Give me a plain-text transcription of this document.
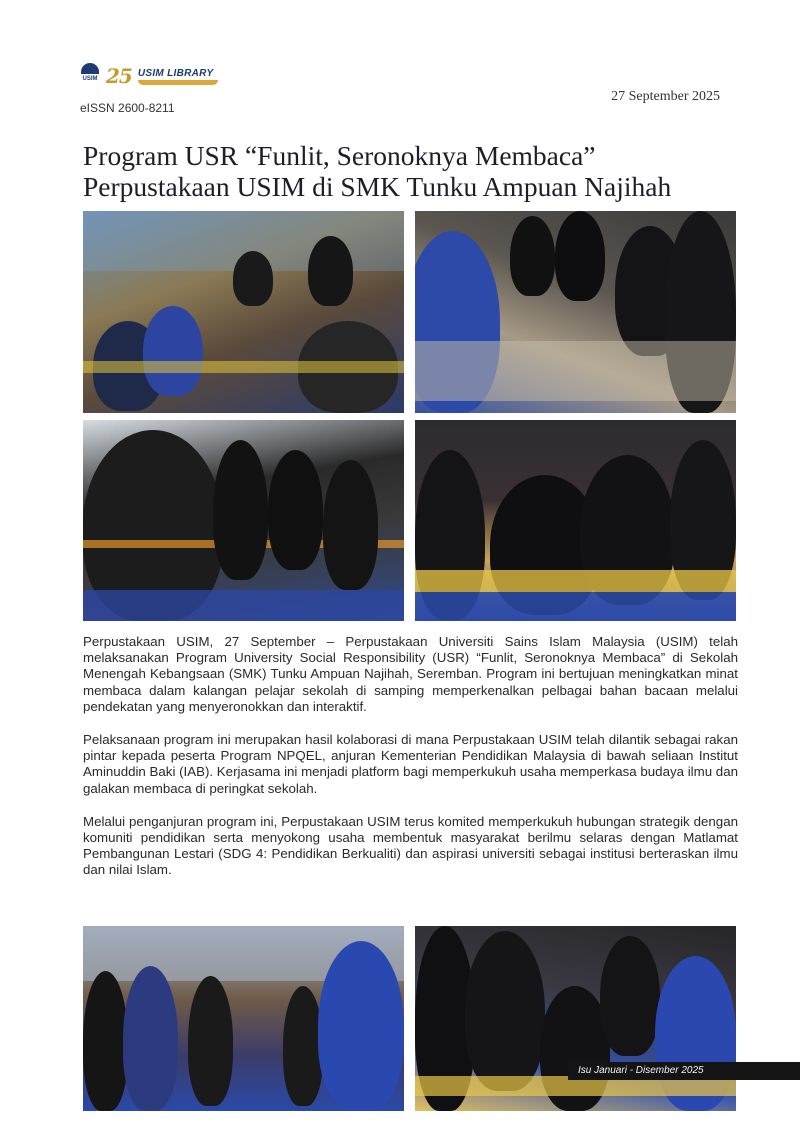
USIM 25 USIM LIBRARY
eISSN 2600-8211
27 September 2025
Program USR “Funlit, Seronoknya Membaca”
Perpustakaan USIM di SMK Tunku Ampuan Najihah

Perpustakaan USIM, 27 September – Perpustakaan Universiti Sains Islam Malaysia (USIM) telah melaksanakan Program University Social Responsibility (USR) “Funlit, Seronoknya Membaca” di Sekolah Menengah Kebangsaan (SMK) Tunku Ampuan Najihah, Seremban. Program ini bertujuan meningkatkan minat membaca dalam kalangan pelajar sekolah di samping memperkenalkan pelbagai bahan bacaan melalui pendekatan yang menyeronokkan dan interaktif.

Pelaksanaan program ini merupakan hasil kolaborasi di mana Perpustakaan USIM telah dilantik sebagai rakan pintar kepada peserta Program NPQEL, anjuran Kementerian Pendidikan Malaysia di bawah seliaan Institut Aminuddin Baki (IAB). Kerjasama ini menjadi platform bagi memperkukuh usaha memperkasa budaya ilmu dan galakan membaca di peringkat sekolah.

Melalui penganjuran program ini, Perpustakaan USIM terus komited memperkukuh hubungan strategik dengan komuniti pendidikan serta menyokong usaha membentuk masyarakat berilmu selaras dengan Matlamat Pembangunan Lestari (SDG 4: Pendidikan Berkualiti) dan aspirasi universiti sebagai institusi berteraskan ilmu dan nilai Islam.

Isu Januari - Disember 2025
